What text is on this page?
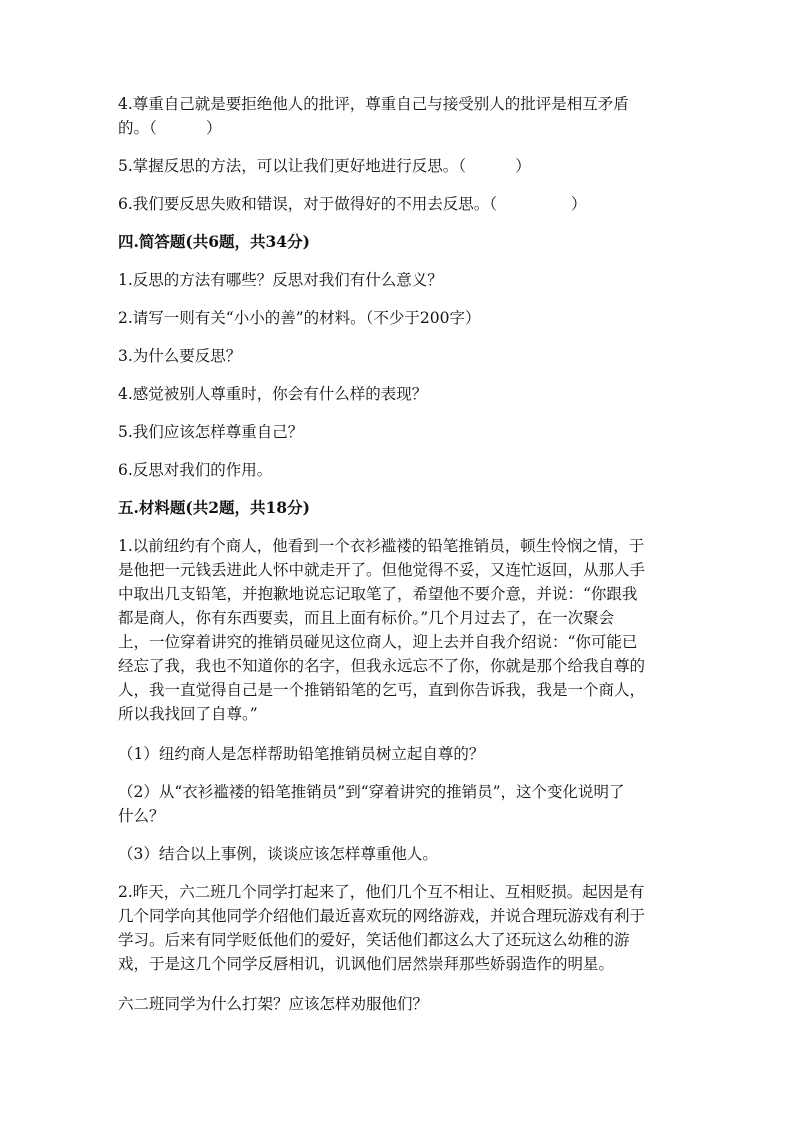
4.尊重自己就是要拒绝他人的批评，尊重自己与接受别人的批评是相互矛盾

的。（          ）

5.掌握反思的方法，可以让我们更好地进行反思。（          ）

6.我们要反思失败和错误，对于做得好的不用去反思。（               ）

四.简答题(共6题，共34分)

1.反思的方法有哪些？反思对我们有什么意义？

2.请写一则有关“小小的善”的材料。（不少于200字）

3.为什么要反思？

4.感觉被别人尊重时，你会有什么样的表现？

5.我们应该怎样尊重自己？

6.反思对我们的作用。

五.材料题(共2题，共18分)

1.以前纽约有个商人，他看到一个衣衫褴褛的铅笔推销员，顿生怜悯之情，于

是他把一元钱丢进此人怀中就走开了。但他觉得不妥，又连忙返回，从那人手

中取出几支铅笔，并抱歉地说忘记取笔了，希望他不要介意，并说：“你跟我

都是商人，你有东西要卖，而且上面有标价。”几个月过去了，在一次聚会

上，一位穿着讲究的推销员碰见这位商人，迎上去并自我介绍说：“你可能已

经忘了我，我也不知道你的名字，但我永远忘不了你，你就是那个给我自尊的

人，我一直觉得自己是一个推销铅笔的乞丐，直到你告诉我，我是一个商人，

所以我找回了自尊。”

（1）纽约商人是怎样帮助铅笔推销员树立起自尊的？

（2）从“衣衫褴褛的铅笔推销员”到“穿着讲究的推销员”，这个变化说明了

什么？

（3）结合以上事例，谈谈应该怎样尊重他人。

2.昨天，六二班几个同学打起来了，他们几个互不相让、互相贬损。起因是有

几个同学向其他同学介绍他们最近喜欢玩的网络游戏，并说合理玩游戏有利于

学习。后来有同学贬低他们的爱好，笑话他们都这么大了还玩这么幼稚的游

戏，于是这几个同学反唇相讥，讥讽他们居然崇拜那些娇弱造作的明星。

六二班同学为什么打架？应该怎样劝服他们？
